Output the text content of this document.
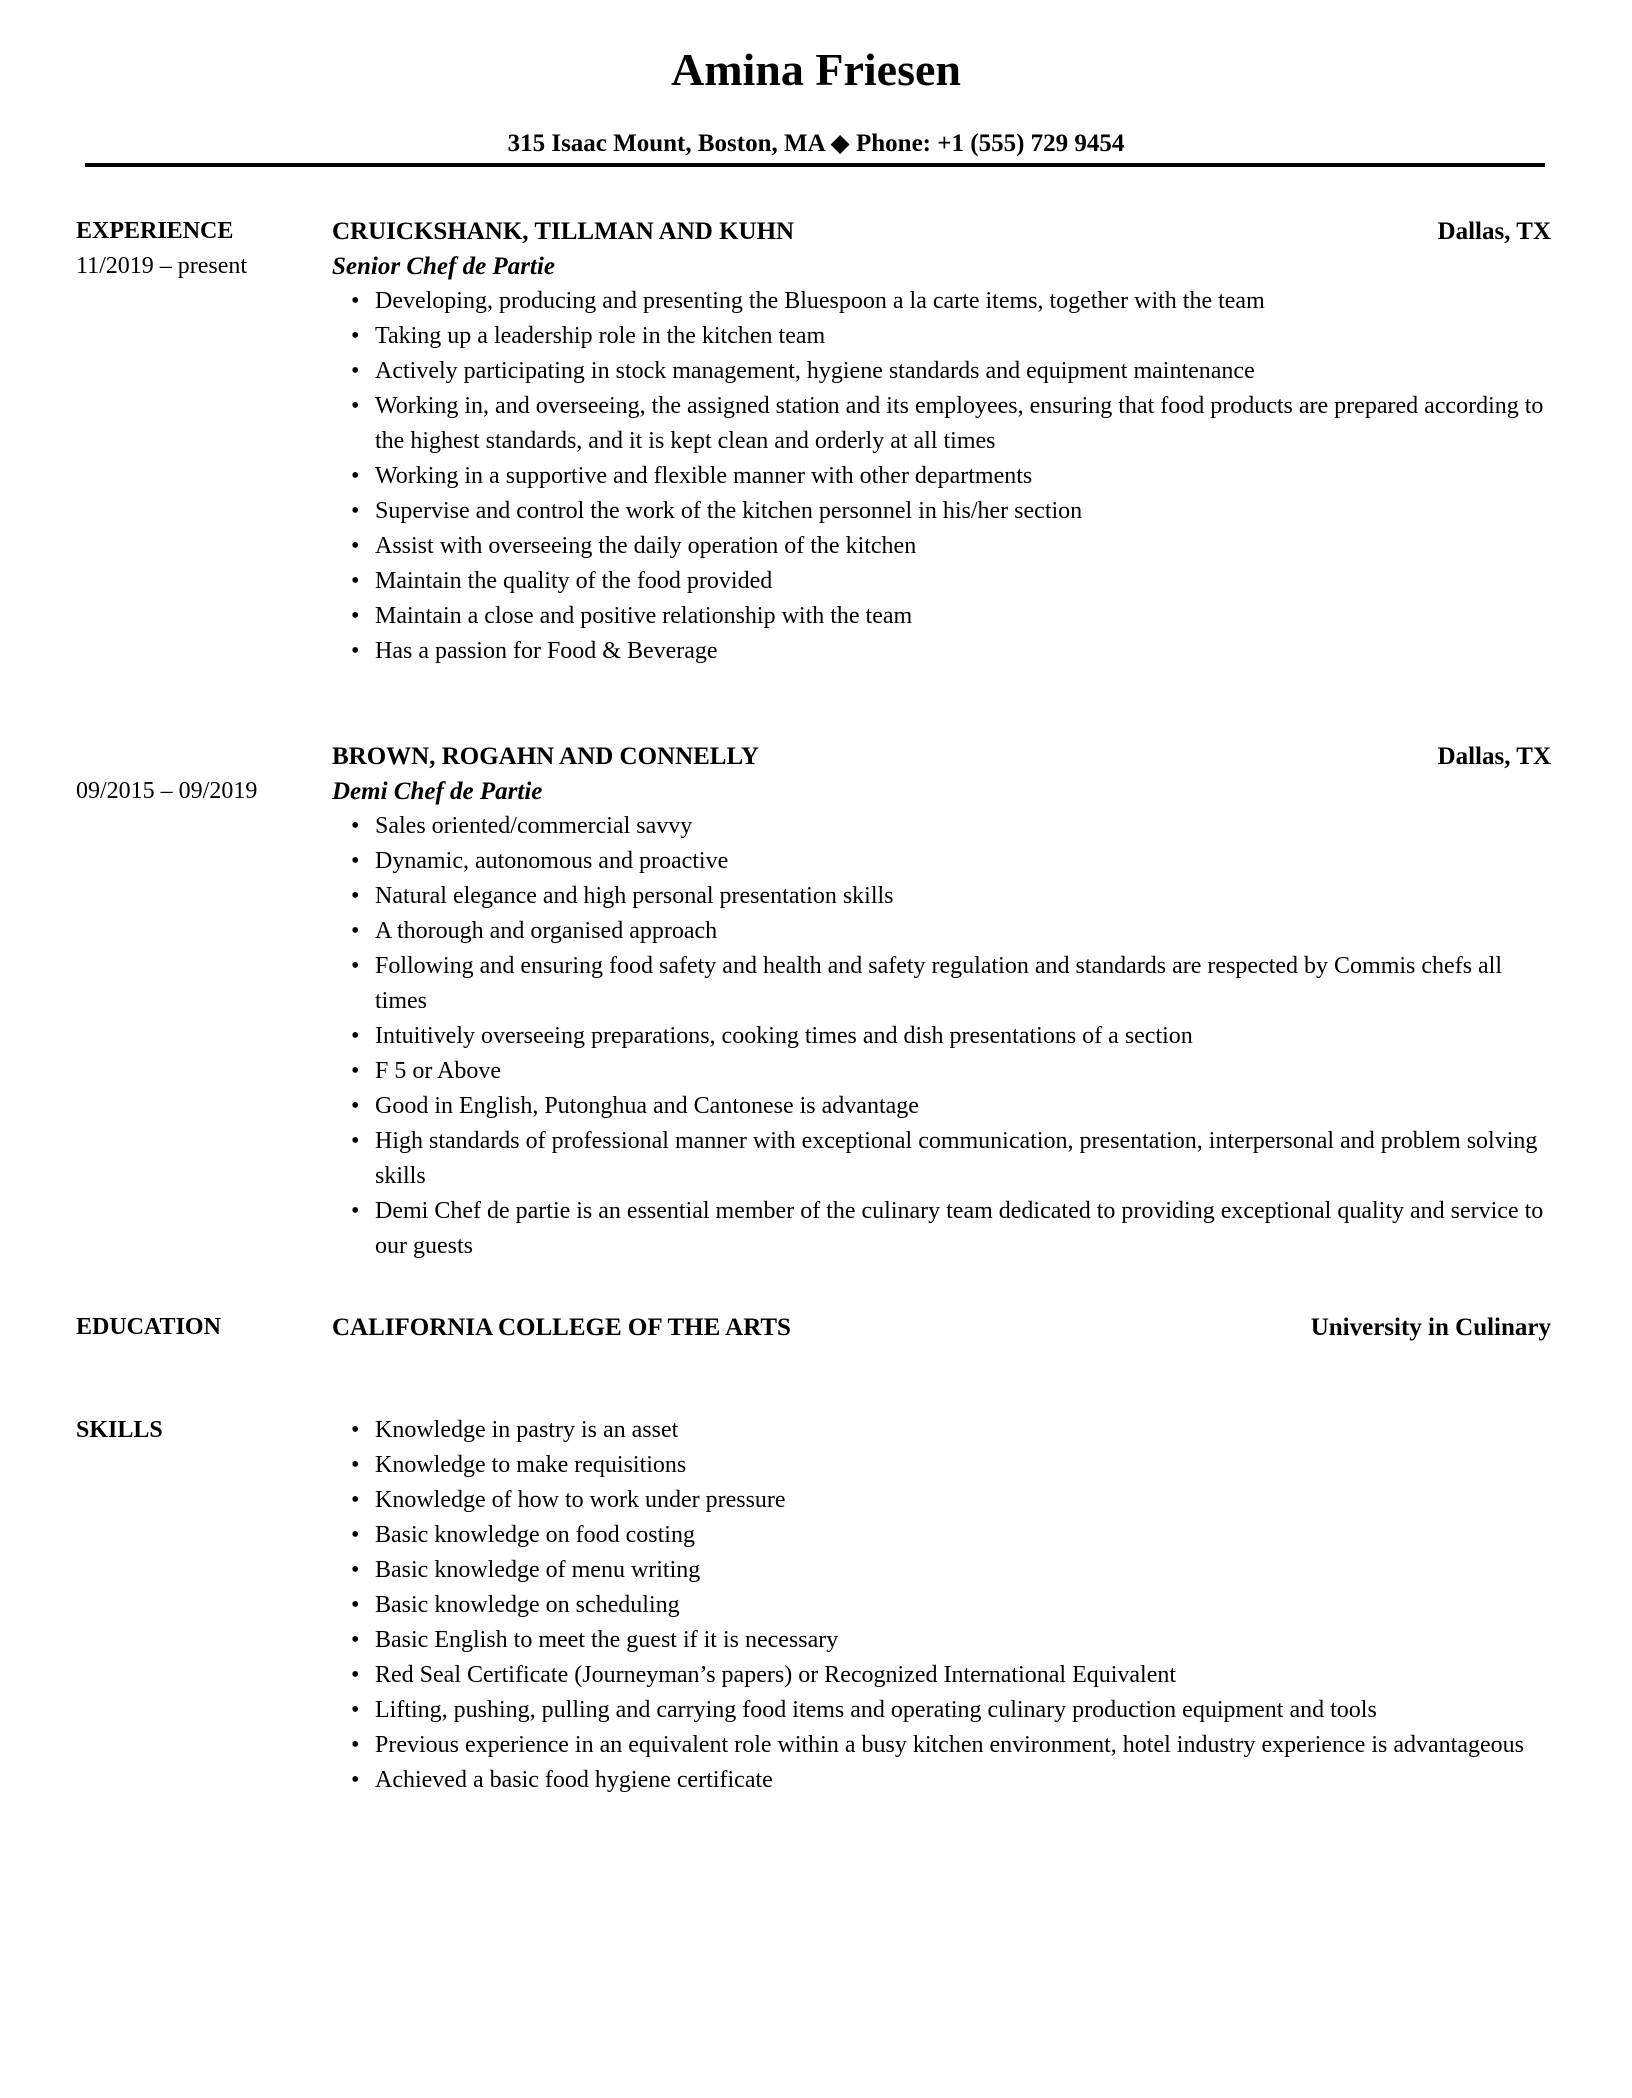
Amina Friesen
315 Isaac Mount, Boston, MA ◆ Phone: +1 (555) 729 9454
EXPERIENCE
11/2019 – present
CRUICKSHANK, TILLMAN AND KUHN	Dallas, TX
Senior Chef de Partie
• Developing, producing and presenting the Bluespoon a la carte items, together with the team
• Taking up a leadership role in the kitchen team
• Actively participating in stock management, hygiene standards and equipment maintenance
• Working in, and overseeing, the assigned station and its employees, ensuring that food products are prepared according to the highest standards, and it is kept clean and orderly at all times
• Working in a supportive and flexible manner with other departments
• Supervise and control the work of the kitchen personnel in his/her section
• Assist with overseeing the daily operation of the kitchen
• Maintain the quality of the food provided
• Maintain a close and positive relationship with the team
• Has a passion for Food & Beverage
09/2015 – 09/2019
BROWN, ROGAHN AND CONNELLY	Dallas, TX
Demi Chef de Partie
• Sales oriented/commercial savvy
• Dynamic, autonomous and proactive
• Natural elegance and high personal presentation skills
• A thorough and organised approach
• Following and ensuring food safety and health and safety regulation and standards are respected by Commis chefs all times
• Intuitively overseeing preparations, cooking times and dish presentations of a section
• F 5 or Above
• Good in English, Putonghua and Cantonese is advantage
• High standards of professional manner with exceptional communication, presentation, interpersonal and problem solving skills
• Demi Chef de partie is an essential member of the culinary team dedicated to providing exceptional quality and service to our guests
EDUCATION	CALIFORNIA COLLEGE OF THE ARTS	University in Culinary
SKILLS	• Knowledge in pastry is an asset
• Knowledge to make requisitions
• Knowledge of how to work under pressure
• Basic knowledge on food costing
• Basic knowledge of menu writing
• Basic knowledge on scheduling
• Basic English to meet the guest if it is necessary
• Red Seal Certificate (Journeyman’s papers) or Recognized International Equivalent
• Lifting, pushing, pulling and carrying food items and operating culinary production equipment and tools
• Previous experience in an equivalent role within a busy kitchen environment, hotel industry experience is advantageous
• Achieved a basic food hygiene certificate
